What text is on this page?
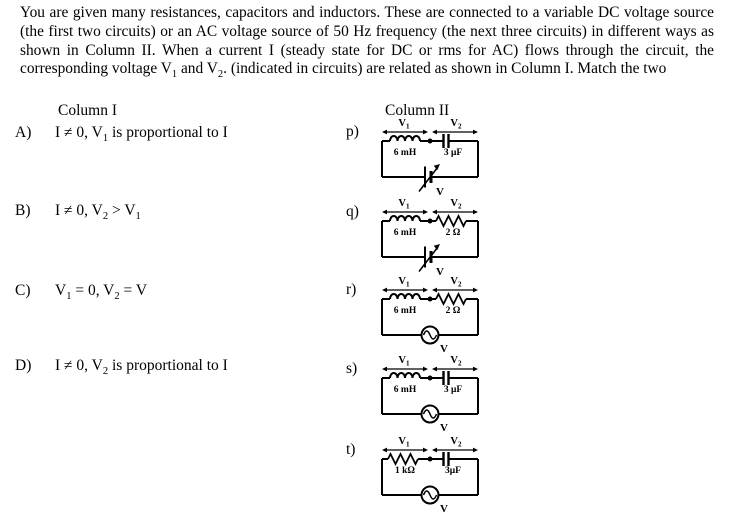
You are given many resistances, capacitors and inductors. These are connected to a variable DC voltage source (the first two circuits) or an AC voltage source of 50 Hz frequency (the next three circuits) in different ways as shown in Column II. When a current I (steady state for DC or rms for AC) flows through the circuit, the corresponding voltage $V_1$ and $V_2$. (indicated in circuits) are related as shown in Column I. Match the two
Column I	Column II
A) I ≠ 0, $V_1$ is proportional to I
B) I ≠ 0, $V_2 > V_1$
C) $V_1 = 0$, $V_2 = V$
D) I ≠ 0, $V_2$ is proportional to I
p)	$V_1$	$V_2$
6 mH	3 μF
V
q)	$V_1$	$V_2$
6 mH	2 Ω
V
r)	$V_1$	$V_2$
6 mH	2 Ω
V
s)	$V_1$	$V_2$
6 mH	3 μF
V
t)	$V_1$	$V_2$
1 kΩ	3μF
V
